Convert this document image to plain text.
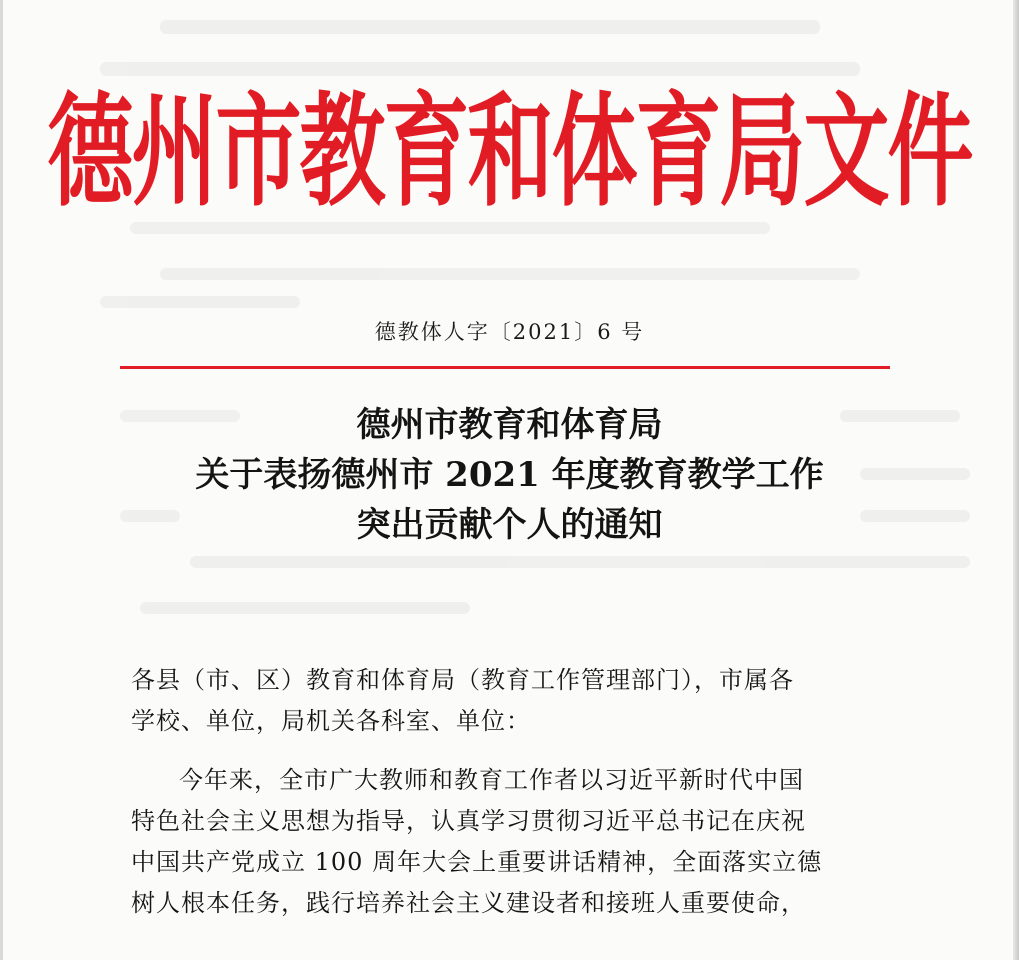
德州市教育和体育局文件
德教体人字〔2021〕6 号
德州市教育和体育局
关于表扬德州市 2021 年度教育教学工作
突出贡献个人的通知
各县（市、区）教育和体育局（教育工作管理部门），市属各
学校、单位，局机关各科室、单位：
今年来，全市广大教师和教育工作者以习近平新时代中国
特色社会主义思想为指导，认真学习贯彻习近平总书记在庆祝
中国共产党成立 100 周年大会上重要讲话精神，全面落实立德
树人根本任务，践行培养社会主义建设者和接班人重要使命，
